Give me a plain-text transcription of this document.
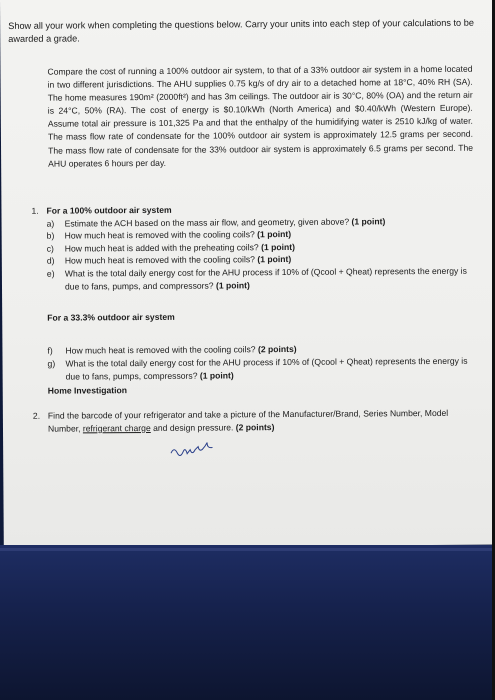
Show all your work when completing the questions below. Carry your units into each step of your calculations to be awarded a grade.
Compare the cost of running a 100% outdoor air system, to that of a 33% outdoor air system in a home located in two different jurisdictions. The AHU supplies 0.75 kg/s of dry air to a detached home at 18°C, 40% RH (SA). The home measures 190m² (2000ft²) and has 3m ceilings. The outdoor air is 30°C, 80% (OA) and the return air is 24°C, 50% (RA). The cost of energy is $0.10/kWh (North America) and $0.40/kWh (Western Europe). Assume total air pressure is 101,325 Pa and that the enthalpy of the humidifying water is 2510 kJ/kg of water. The mass flow rate of condensate for the 100% outdoor air system is approximately 12.5 grams per second. The mass flow rate of condensate for the 33% outdoor air system is approximately 6.5 grams per second. The AHU operates 6 hours per day.
1. For a 100% outdoor air system
a)	Estimate the ACH based on the mass air flow, and geometry, given above? (1 point)
b)	How much heat is removed with the cooling coils? (1 point)
c)	How much heat is added with the preheating coils? (1 point)
d)	How much heat is removed with the cooling coils? (1 point)
e)	What is the total daily energy cost for the AHU process if 10% of (Qcool + Qheat) represents the energy is due to fans, pumps, and compressors? (1 point)
For a 33.3% outdoor air system
f)	How much heat is removed with the cooling coils? (2 points)
g)	What is the total daily energy cost for the AHU process if 10% of (Qcool + Qheat) represents the energy is due to fans, pumps, compressors? (1 point)
Home Investigation
2. Find the barcode of your refrigerator and take a picture of the Manufacturer/Brand, Series Number, Model Number, refrigerant charge and design pressure. (2 points)
